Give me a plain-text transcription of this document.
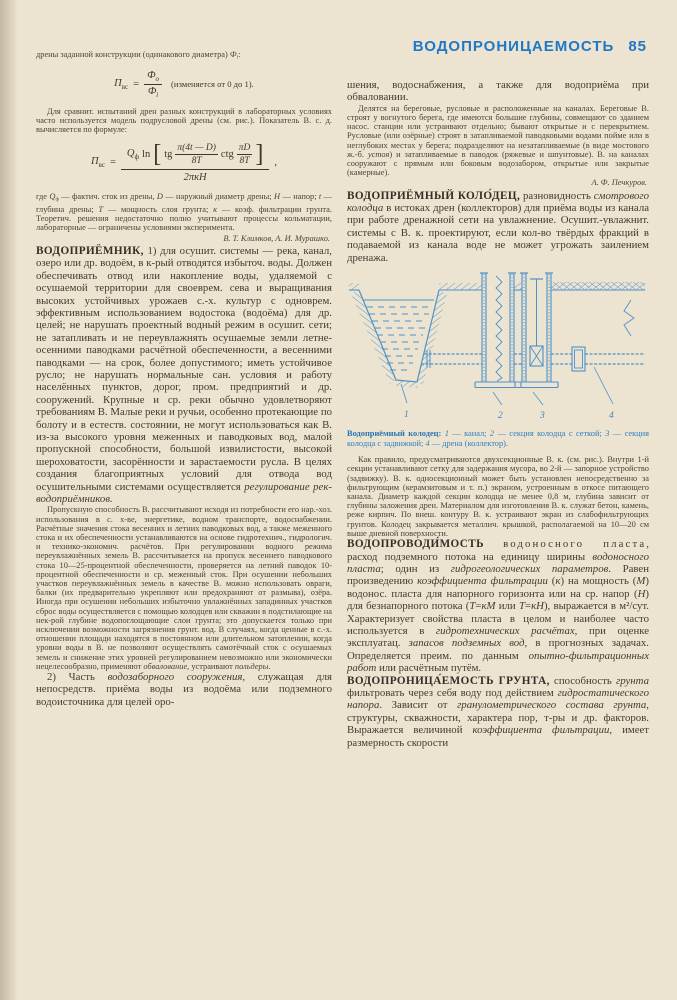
дрены заданной конструкции (одинакового диаметра) Фi:

$П_{вс} = \frac{Ф_о}{Ф_i}$ (изменяется от 0 до 1).

Для сравнит. испытаний дрен разных конструкций в лабораторных условиях часто используется модель подрусловой дрены (см. рис.). Показатель В. с. д. вычисляется по формуле:

$П_{вс}$ =
$Q_ф$ ln [ tg
π(4t — D)
8T
ctg
πD
8T ]
2πкН
,

где Qф — фактич. сток из дрены, D — наружный диаметр дрены; Н — напор; t — глубина дрены; Т — мощность слоя грунта; к — коэф. фильтрации грунта. Теоретич. решения недостаточно полно учитывают процессы кольматации, лабораторные — ограничены условиями эксперимента.

В. Т. Климков, А. И. Мурашко.

ВОДОПРИЁМНИК, 1) для осушит. системы — река, канал, озеро или др. водоём, в к-рый отводятся избыточ. воды. Должен обеспечивать отвод или накопление воды, удаляемой с осушаемой территории для своеврем. сева и выращивания высоких устойчивых урожаев с.-х. культур с одноврем. эффективным использованием водостока (водоёма) для др. целей; не нарушать проектный водный режим в осушит. сети; не затапливать и не переувлажнять осушаемые земли летне-осенними паводками расчётной обеспеченности, а весенними паводками — на срок, более допустимого; иметь устойчивое русло; не нарушать нормальные сан. условия и работу населённых пунктов, дорог, пром. предприятий и др. сооружений. Крупные и ср. реки обычно удовлетворяют требованиям В. Малые реки и ручьи, особенно протекающие по болоту и в естеств. состоянии, не могут использоваться как В. из-за высокого уровня меженных и паводковых вод, малой пропускной способности, большой извилистости, высокой шероховатости, засорённости и зарастаемости русла. В целях создания благоприятных условий для отвода вод осушительными системами осуществляется регулирование рек-водоприёмников.

Пропускную способность В. рассчитывают исходя из потребности его нар.-хоз. использования в с. х-ве, энергетике, водном транспорте, водоснабжении. Расчётные значения стока весенних и летних паводковых вод, а также меженного стока и их обеспеченности устанавливаются на основе гидротехнич., гидрологич. и технико-экономич. расчётов. При регулировании водного режима переувлажнённых земель В. рассчитывается на пропуск весеннего паводкового стока 10—25-процентной обеспеченности, проверяется на летний паводок 10-процентной обеспеченности и ср. меженный сток. При осушении небольших участков переувлажнённых земель в качестве В. можно использовать овраги, балки (их предварительно укрепляют или предохраняют от размыва), озёра. Иногда при осушении небольших избыточно увлажнённых западинных участков сброс воды осуществляется с помощью колодцев или скважин в подстилающие на нек-рой глубине водопоглощающие слои грунта; это допускается только при исключении возможности загрязнения грунт. вод. В случаях, когда ценные в с.-х. отношении площади находятся в постоянном или длительном затоплении, когда уровни воды в В. не позволяют осуществлять самотёчный сток с осушаемых земель и снижение этих уровней регулированием невозможно или экономически нецелесообразно, применяют обвалование, устраивают польдеры.

2) Часть водозаборного сооружения, служащая для непосредств. приёма воды из водоёма или подземного водоисточника для целей оро-

ВОДОПРОНИЦАЕМОСТЬ 85

шения, водоснабжения, а также для водоприёма при обваловании.

Делятся на береговые, русловые и расположенные на каналах. Береговые В. строят у вогнутого берега, где имеются большие глубины, совмещают со зданием насос. станции или устраивают отдельно; бывают открытые и с перекрытием. Русловые (или озёрные) строят в затапливаемой паводковыми водами пойме или в неглубоких местах у берега; подразделяют на незатапливаемые (в виде мостового ж.-б. устоя) и затапливаемые в паводок (ряжевые и шпунтовые). В. на каналах сооружают с прямым или боковым водозабором, открытые или закрытые (камерные).

А. Ф. Печкуров.

ВОДОПРИЁМНЫЙ КОЛО́ДЕЦ, разновидность смотрового колодца в истоках дрен (коллекторов) для приёма воды из канала при работе дренажной сети на увлажнение. Осушит.-увлажнит. системы с В. к. проектируют, если кол-во твёрдых фракций в подаваемой из канала воде не может угрожать заилением дренажа.

1	2	3	4

Водоприёмный колодец: 1 — канал; 2 — секция колодца с сеткой; 3 — секция колодца с задвижкой; 4 — дрена (коллектор).

Как правило, предусматриваются двухсекционные В. к. (см. рис.). Внутри 1-й секции устанавливают сетку для задержания мусора, во 2-й — запорное устройство (задвижку). В. к. односекционный может быть установлен непосредственно за фильтрующим (керамзитовым и т. п.) экраном, устроенным в откосе питающего канала. Диаметр каждой секции колодца не менее 0,8 м, глубина зависит от глубины заложения дрен. Материалом для изготовления В. к. служат бетон, камень, реже кирпич. По внеш. контуру В. к. устраивают экран из слабофильтрующих грунтов. Колодец закрывается металлич. крышкой, располагаемой на 10—20 см выше дневной поверхности.

ВОДОПРОВОДИ́МОСТЬ водоносного пласта, расход подземного потока на единицу ширины водоносного пласта; один из гидрогеологических параметров. Равен произведению коэффициента фильтрации (к) на мощность (М) водонос. пласта для напорного горизонта или на ср. напор (Н) для безнапорного потока (Т=кМ или Т=кН), выражается в м²/сут. Характеризует свойства пласта в целом и наиболее часто используется в гидротехнических расчётах, при оценке эксплуатац. запасов подземных вод, в прогнозных задачах. Определяется преим. по данным опытно-фильтрационных работ или расчётным путём.

ВОДОПРОНИЦА́ЕМОСТЬ ГРУНТА, способность грунта фильтровать через себя воду под действием гидростатического напора. Зависит от гранулометрического состава грунта, структуры, скважности, характера пор, т-ры и др. факторов. Выражается величиной коэффициента фильтрации, имеет размерность скорости
